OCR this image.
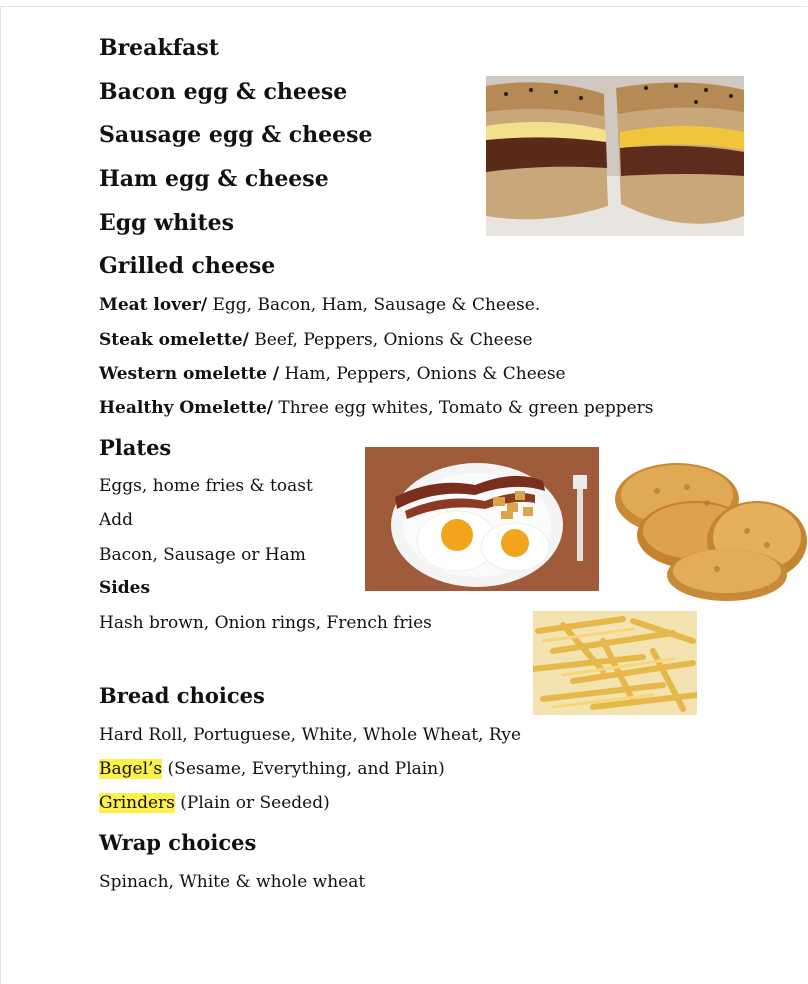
Breakfast
Bacon egg & cheese
Sausage egg & cheese
Ham egg & cheese
Egg whites
Grilled cheese
Meat lover/ Egg, Bacon, Ham, Sausage & Cheese.
Steak omelette/ Beef, Peppers, Onions & Cheese
Western omelette / Ham, Peppers, Onions & Cheese
Healthy Omelette/ Three egg whites, Tomato & green peppers
Plates
Eggs, home fries & toast
Add
Bacon, Sausage or Ham
Sides
Hash brown, Onion rings, French fries
Bread choices
Hard Roll, Portuguese, White, Whole Wheat, Rye
Bagel’s (Sesame, Everything, and Plain)
Grinders (Plain or Seeded)
Wrap choices
Spinach, White & whole wheat
